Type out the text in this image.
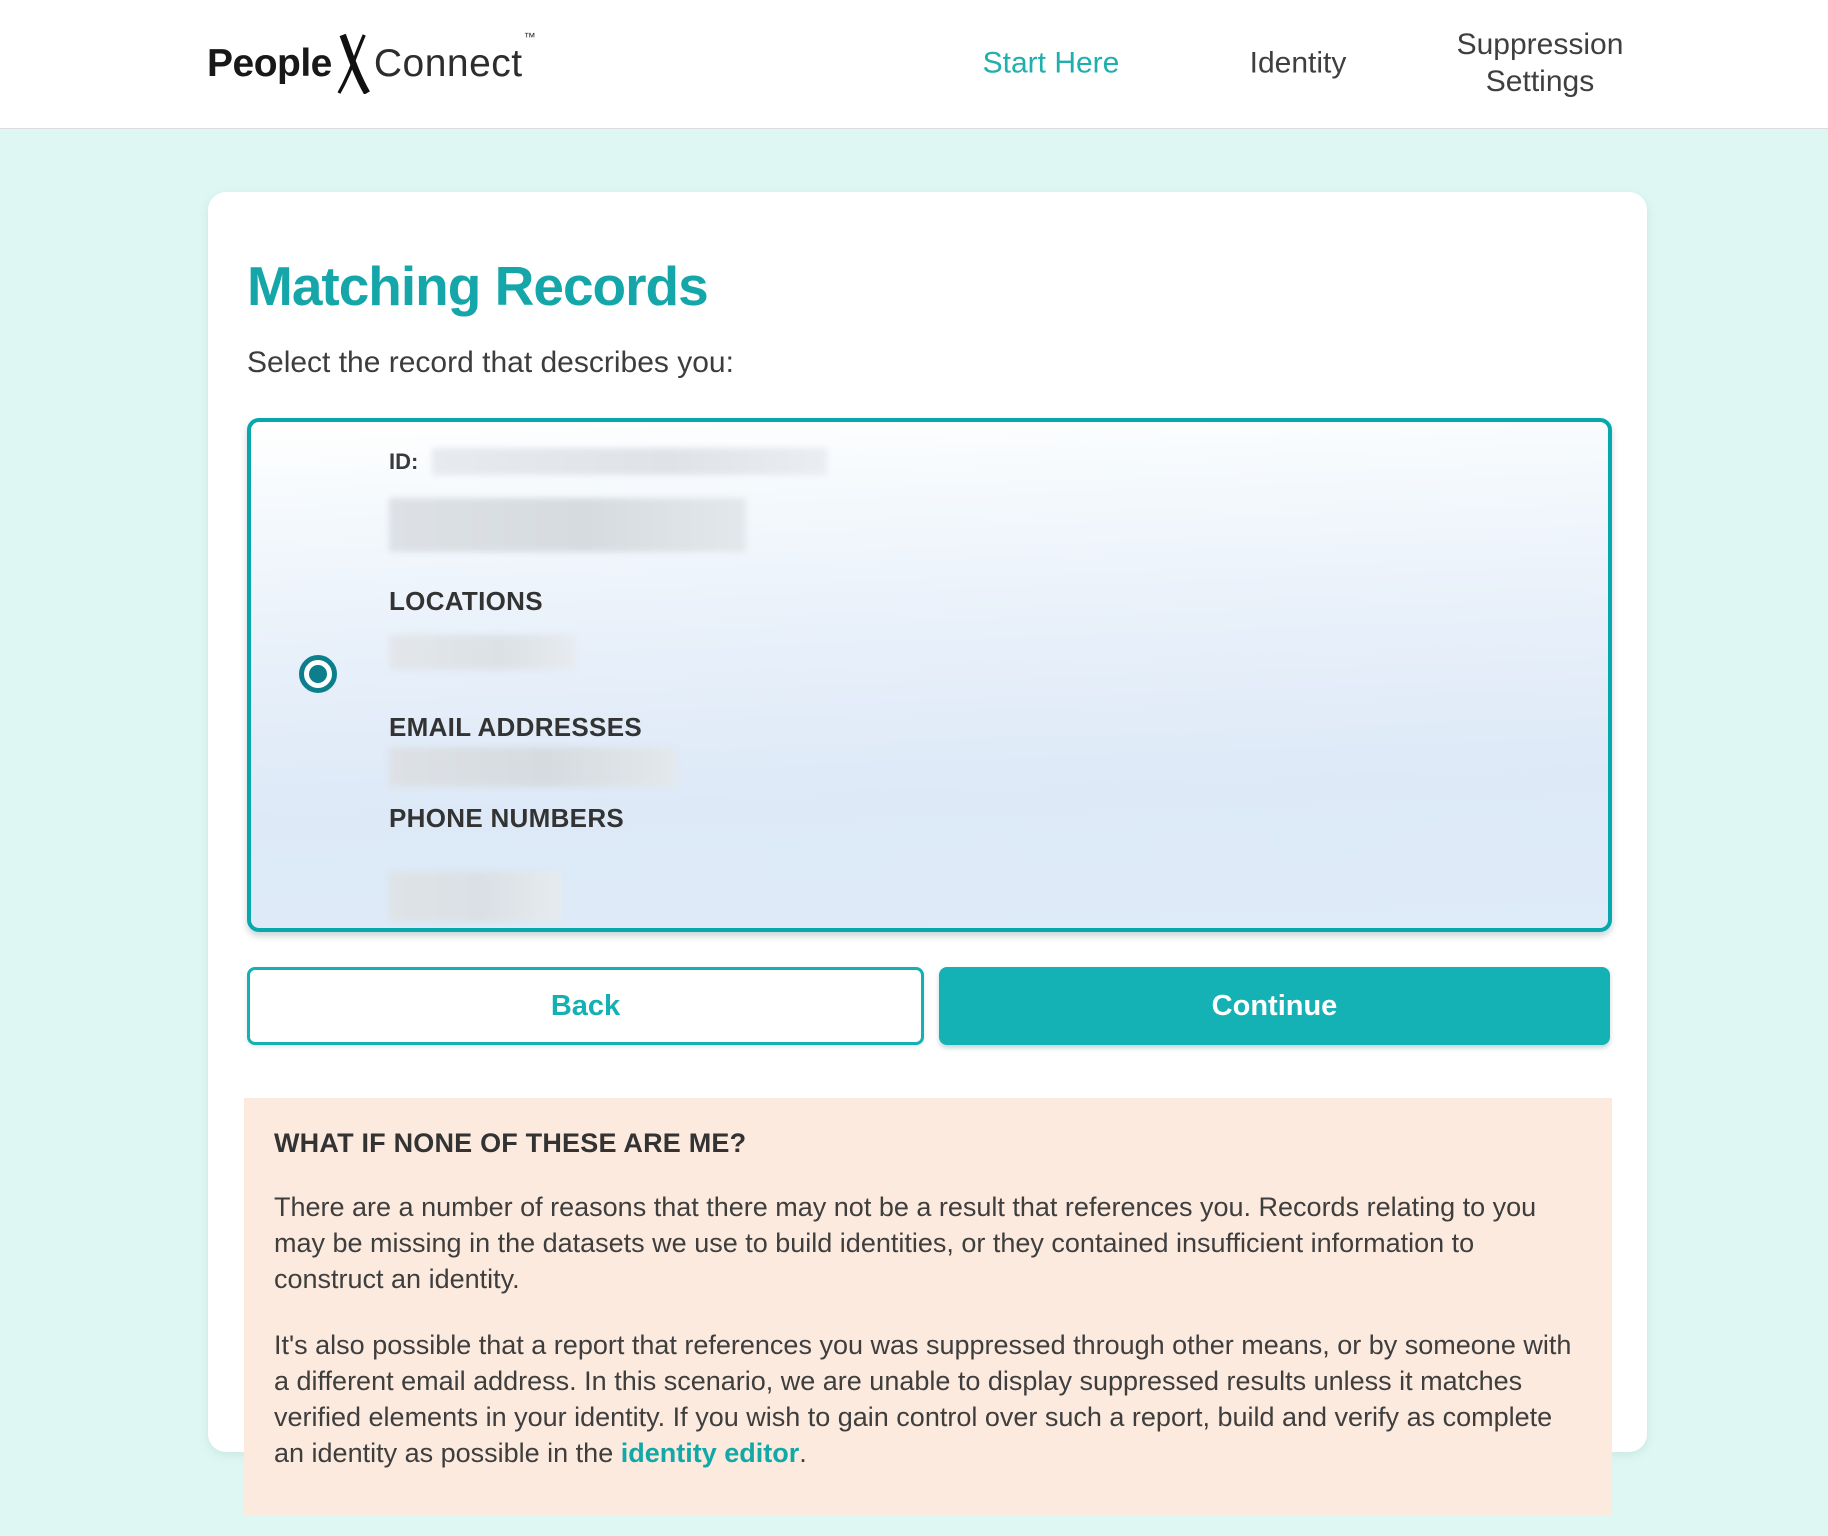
People Connect™
Start Here	Identity
Suppression Settings
Matching Records

Select the record that describes you:

ID:
LOCATIONS
EMAIL ADDRESSES
PHONE NUMBERS
Back	Continue
WHAT IF NONE OF THESE ARE ME?

There are a number of reasons that there may not be a result that references you. Records relating to you may be missing in the datasets we use to build identities, or they contained insufficient information to construct an identity.

It's also possible that a report that references you was suppressed through other means, or by someone with a different email address. In this scenario, we are unable to display suppressed results unless it matches verified elements in your identity. If you wish to gain control over such a report, build and verify as complete an identity as possible in the identity editor.
